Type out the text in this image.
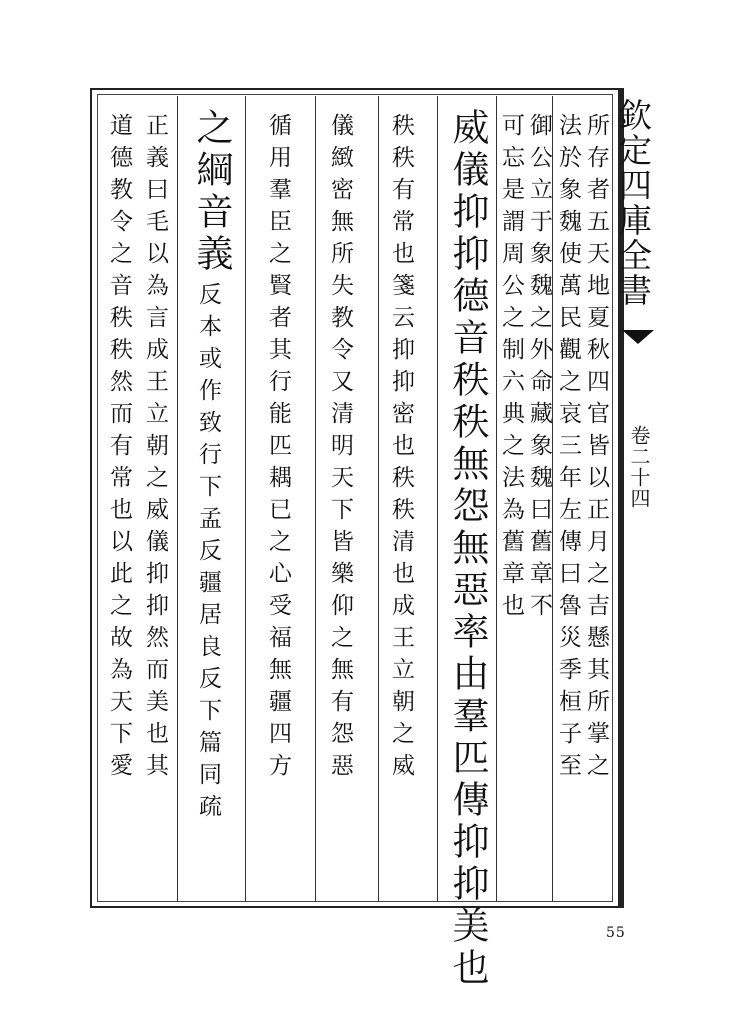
欽定四庫全書
卷二十四
55
所存者五天地夏秋四官皆以正月之吉懸其所掌之
法於象魏使萬民觀之哀三年左傳曰魯災季桓子至
御公立于象魏之外命藏象魏曰舊章不
可忘是謂周公之制六典之法為舊章也
威儀抑抑德音秩秩無怨無惡率由羣匹傳抑抑美也
秩秩有常也箋云抑抑密也秩秩清也成王立朝之威
儀緻密無所失教令又清明天下皆樂仰之無有怨惡
循用羣臣之賢者其行能匹耦已之心受福無疆四方
之綱音義
反本或作致行下孟反疆居良反下篇同疏
正義曰毛以為言成王立朝之威儀抑抑然而美也其
道德教令之音秩秩然而有常也以此之故為天下愛
